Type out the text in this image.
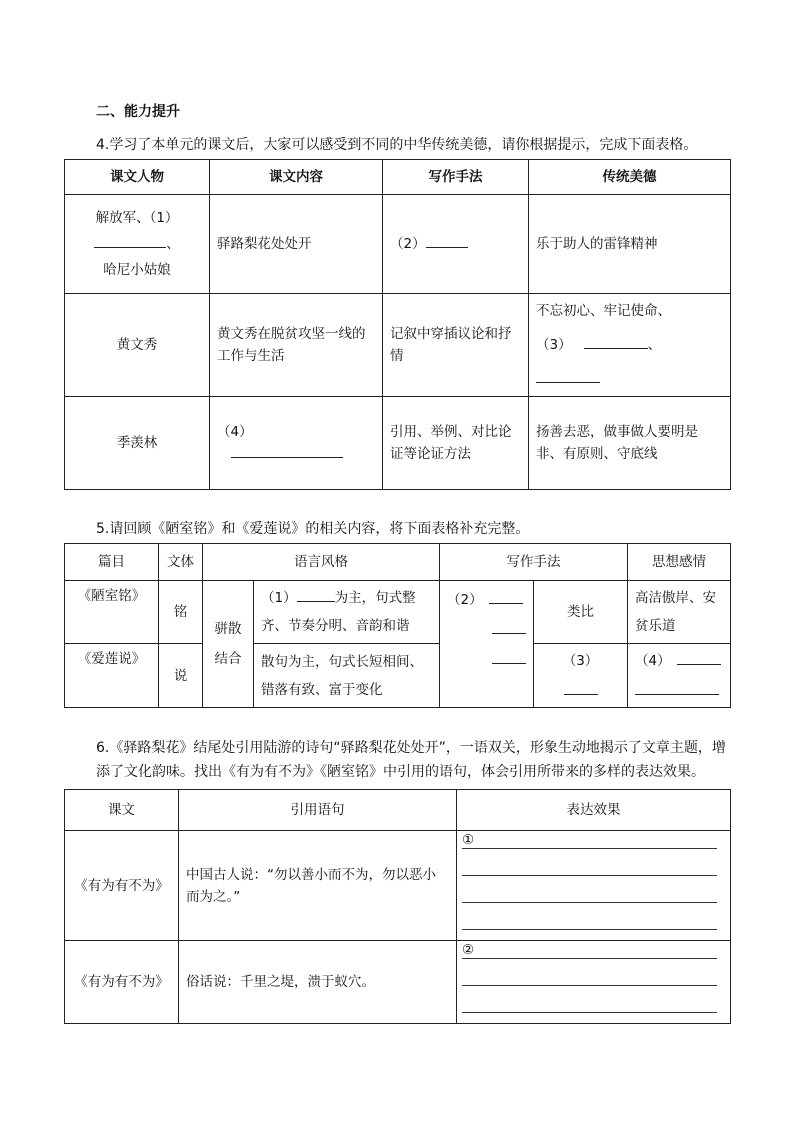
二、能力提升
4.学习了本单元的课文后，大家可以感受到不同的中华传统美德，请你根据提示，完成下面表格。
课文人物	课文内容	写作手法	传统美德

解放军、（1）
、
哈尼小姑娘	驿路梨花处处开	（2）	乐于助人的雷锋精神
黄文秀	黄文秀在脱贫攻坚一线的工作与生活	记叙中穿插议论和抒情	不忘初心、牢记使命、
（3） 、

季羡林	（4）	引用、举例、对比论证等论证方法	扬善去恶，做事做人要明是非、有原则、守底线
5.请回顾《陋室铭》和《爱莲说》的相关内容，将下面表格补充完整。
篇目	文体	语言风格		写作手法		思想感情
《陋室铭》	铭	骈散结合	（1） 为主，句式整齐、节奏分明、音韵和谐	（2）	类比	高洁傲岸、安贫乐道
《爱莲说》	说		散句为主，句式长短相间、错落有致、富于变化		（3）	（4）
6.《驿路梨花》结尾处引用陆游的诗句“驿路梨花处处开”，一语双关，形象生动地揭示了文章主题，增添了文化韵味。找出《有为有不为》《陋室铭》中引用的语句，体会引用所带来的多样的表达效果。
课文	引用语句	表达效果
《有为有不为》	中国古人说：“勿以善小而不为，勿以恶小而为之。”	①

《有为有不为》	俗话说：千里之堤，溃于蚁穴。	②
